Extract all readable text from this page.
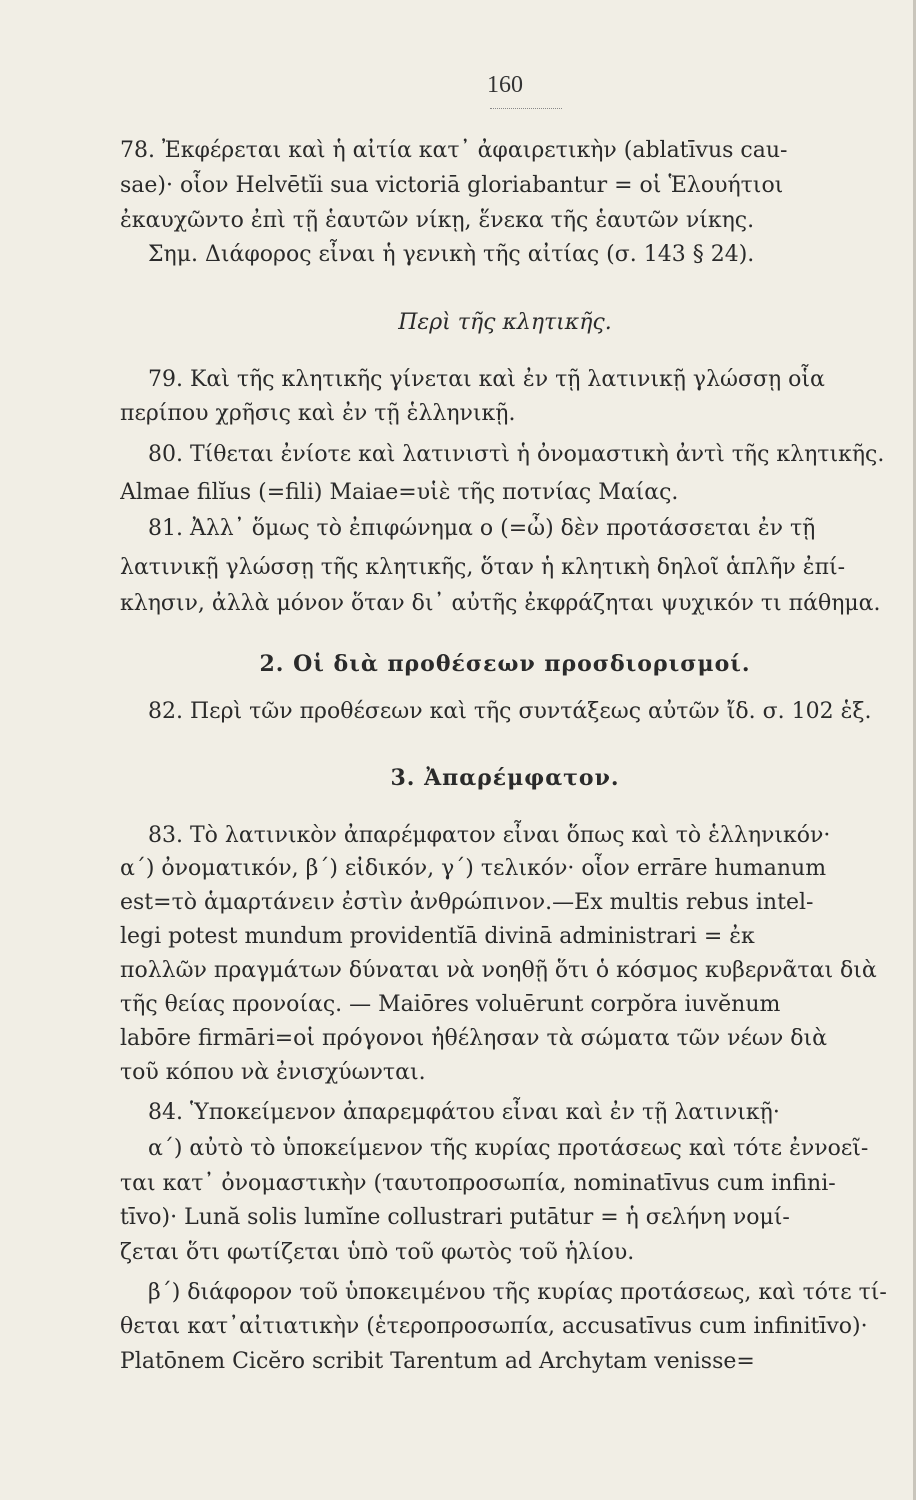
160
78. Ἐκφέρεται καὶ ἡ αἰτία κατ᾽ ἀφαιρετικὴν (ablatīvus cau-
sae)· οἷον Helvētĭi sua victoriā gloriabantur = οἱ Ἑλουήτιοι
ἐκαυχῶντο ἐπὶ τῇ ἑαυτῶν νίκῃ, ἕνεκα τῆς ἑαυτῶν νίκης.
Σημ. Διάφορος εἶναι ἡ γενικὴ τῆς αἰτίας (σ. 143 § 24).
Περὶ τῆς κλητικῆς.
79. Καὶ τῆς κλητικῆς γίνεται καὶ ἐν τῇ λατινικῇ γλώσσῃ οἷα
περίπου χρῆσις καὶ ἐν τῇ ἑλληνικῇ.
80. Τίθεται ἐνίοτε καὶ λατινιστὶ ἡ ὀνομαστικὴ ἀντὶ τῆς κλητικῆς.
Almae filĭus (=fili) Maiae=υἱὲ τῆς ποτνίας Μαίας.
81. Ἀλλ᾽ ὅμως τὸ ἐπιφώνημα ο (=ὦ) δὲν προτάσσεται ἐν τῇ
λατινικῇ γλώσσῃ τῆς κλητικῆς, ὅταν ἡ κλητικὴ δηλοῖ ἁπλῆν ἐπί-
κλησιν, ἀλλὰ μόνον ὅταν δι᾽ αὐτῆς ἐκφράζηται ψυχικόν τι πάθημα.
2. Οἱ διὰ προθέσεων προσδιορισμοί.
82. Περὶ τῶν προθέσεων καὶ τῆς συντάξεως αὐτῶν ἴδ. σ. 102 ἑξ.
3. Ἀπαρέμφατον.
83. Τὸ λατινικὸν ἀπαρέμφατον εἶναι ὅπως καὶ τὸ ἑλληνικόν·
α΄) ὀνοματικόν, β΄) εἰδικόν, γ΄) τελικόν· οἷον errāre humanum
est=τὸ ἁμαρτάνειν ἐστὶν ἀνθρώπινον.—Ex multis rebus intel-
legi potest mundum providentĭā divinā administrari = ἐκ
πολλῶν πραγμάτων δύναται νὰ νοηθῇ ὅτι ὁ κόσμος κυβερνᾶται διὰ
τῆς θείας προνοίας. — Maiōres voluērunt corpŏra iuvĕnum
labōre firmāri=οἱ πρόγονοι ἠθέλησαν τὰ σώματα τῶν νέων διὰ
τοῦ κόπου νὰ ἐνισχύωνται.
84. Ὑποκείμενον ἀπαρεμφάτου εἶναι καὶ ἐν τῇ λατινικῇ·
α΄) αὐτὸ τὸ ὑποκείμενον τῆς κυρίας προτάσεως καὶ τότε ἐννοεῖ-
ται κατ᾽ ὀνομαστικὴν (ταυτοπροσωπία, nominatīvus cum infini-
tīvo)· Lună solis lumĭne collustrari putātur = ἡ σελήνη νομί-
ζεται ὅτι φωτίζεται ὑπὸ τοῦ φωτὸς τοῦ ἡλίου.
β΄) διάφορον τοῦ ὑποκειμένου τῆς κυρίας προτάσεως, καὶ τότε τί-
θεται κατ᾽αἰτιατικὴν (ἑτεροπροσωπία, accusatīvus cum infinitīvo)·
Platōnem Cicĕro scribit Tarentum ad Archytam venisse=
